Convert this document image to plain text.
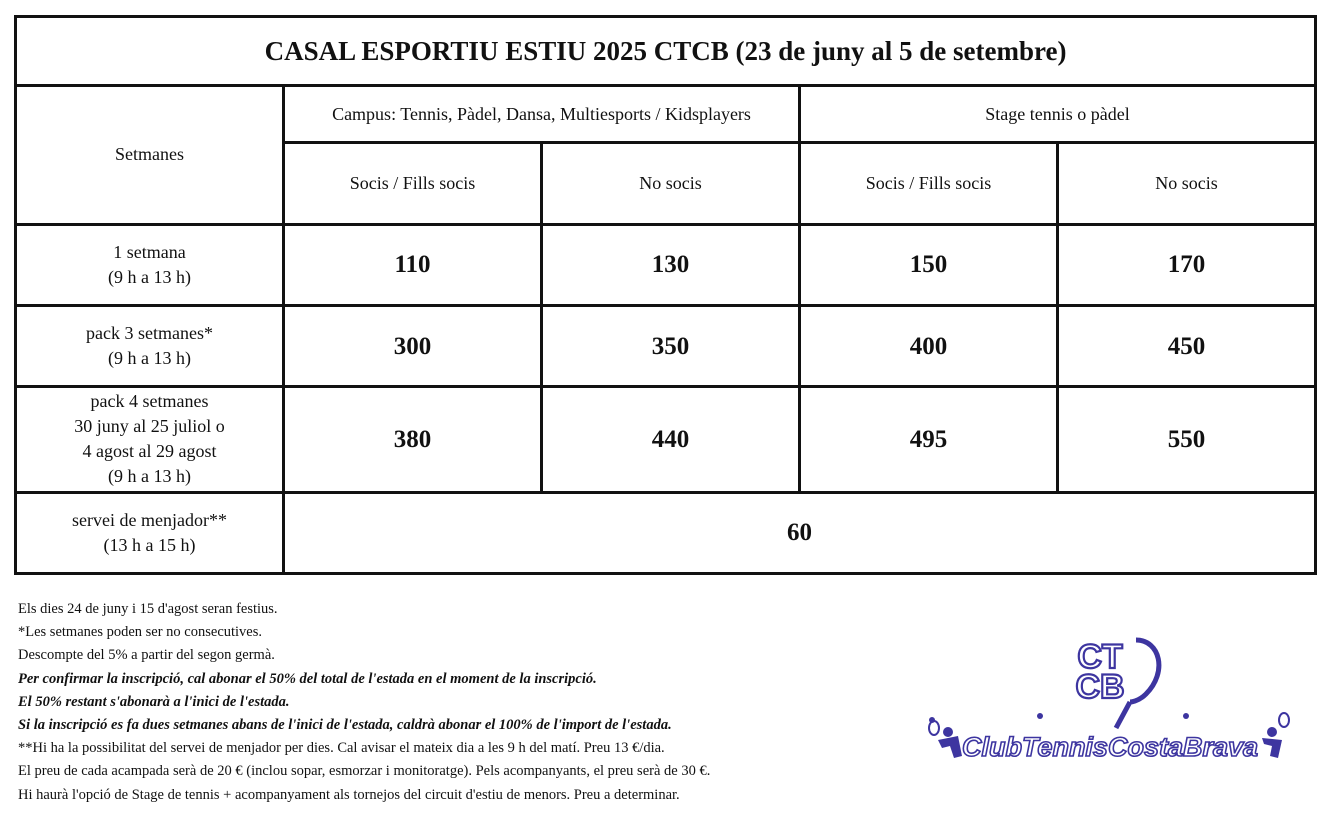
CASAL ESPORTIU ESTIU 2025 CTCB (23 de juny al 5 de setembre)				
Setmanes	Campus: Tennis, Pàdel, Dansa, Multiesports / Kidsplayers		Stage tennis o pàdel	
	Socis / Fills socis	No socis	Socis / Fills socis	No socis

1 setmana
(9 h a 13 h)	110	130	150	170

pack 3 setmanes*
(9 h a 13 h)	300	350	400	450

pack 4 setmanes
30 juny al 25 juliol o
4 agost al 29 agost
(9 h a 13 h)	380	440	495	550

servei de menjador**
(13 h a 15 h)	60			
Els dies 24 de juny i 15 d'agost seran festius.
*Les setmanes poden ser no consecutives.
Descompte del 5% a partir del segon germà.
Per confirmar la inscripció, cal abonar el 50% del total de l'estada en el moment de la inscripció.
El 50% restant s'abonarà a l'inici de l'estada.
Si la inscripció es fa dues setmanes abans de l'inici de l'estada, caldrà abonar el 100% de l'import de l'estada.
**Hi ha la possibilitat del servei de menjador per dies. Cal avisar el mateix dia a les 9 h del matí. Preu 13 €/dia.
El preu de cada acampada serà de 20 € (inclou sopar, esmorzar i monitoratge). Pels acompanyants, el preu serà de 30 €.
Hi haurà l'opció de Stage de tennis + acompanyament als tornejos del circuit d'estiu de menors. Preu a determinar.
CT
CB
ClubTennisCostaBrava
